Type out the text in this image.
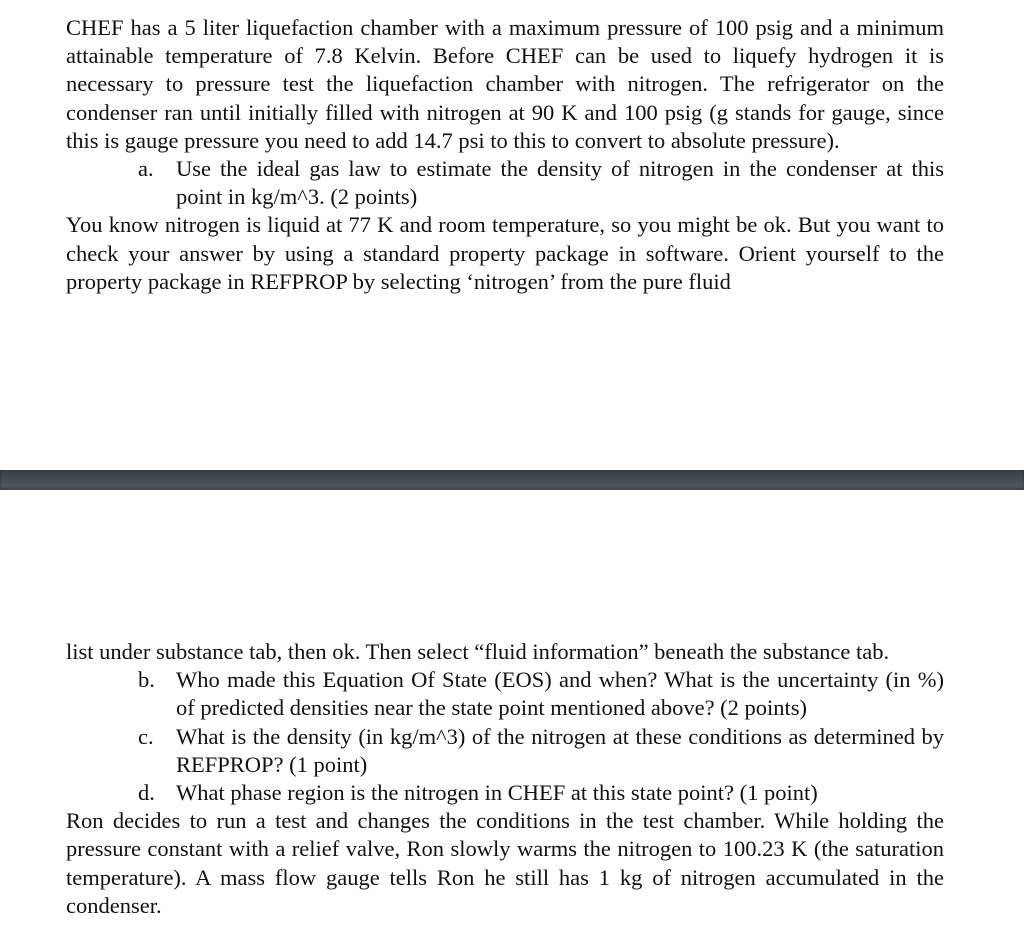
CHEF has a 5 liter liquefaction chamber with a maximum pressure of 100 psig and a minimum attainable temperature of 7.8 Kelvin. Before CHEF can be used to liquefy hydrogen it is necessary to pressure test the liquefaction chamber with nitrogen. The refrigerator on the condenser ran until initially filled with nitrogen at 90 K and 100 psig (g stands for gauge, since this is gauge pressure you need to add 14.7 psi to this to convert to absolute pressure).

a. Use the ideal gas law to estimate the density of nitrogen in the condenser at this point in kg/m^3. (2 points)

You know nitrogen is liquid at 77 K and room temperature, so you might be ok. But you want to check your answer by using a standard property package in software. Orient yourself to the property package in REFPROP by selecting ‘nitrogen’ from the pure fluid

list under substance tab, then ok. Then select “fluid information” beneath the substance tab.

b. Who made this Equation Of State (EOS) and when? What is the uncertainty (in %) of predicted densities near the state point mentioned above? (2 points)
c. What is the density (in kg/m^3) of the nitrogen at these conditions as determined by REFPROP? (1 point)
d. What phase region is the nitrogen in CHEF at this state point? (1 point)

Ron decides to run a test and changes the conditions in the test chamber. While holding the pressure constant with a relief valve, Ron slowly warms the nitrogen to 100.23 K (the saturation temperature). A mass flow gauge tells Ron he still has 1 kg of nitrogen accumulated in the condenser.
